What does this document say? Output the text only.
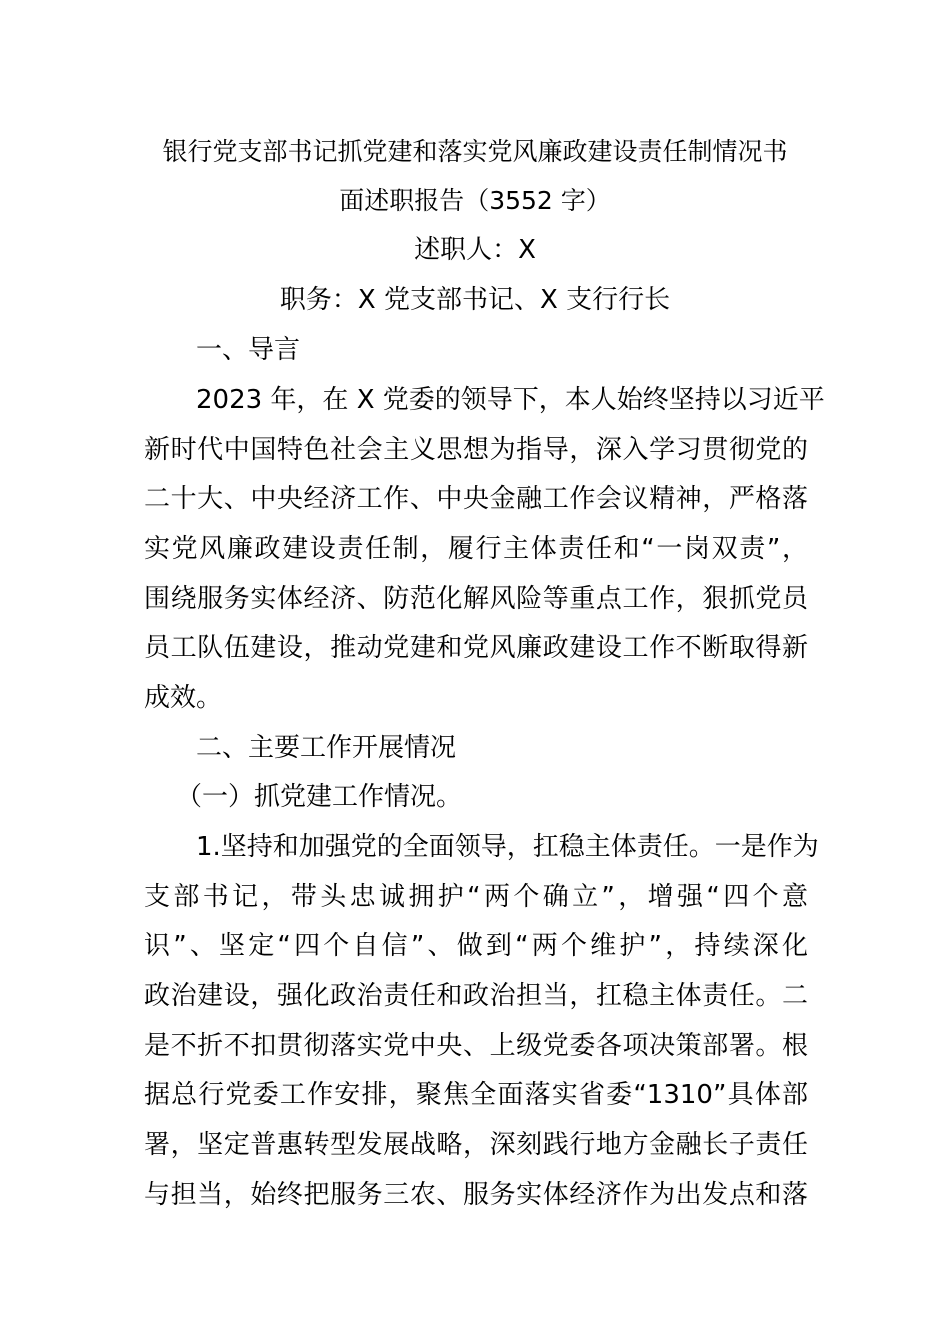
银行党支部书记抓党建和落实党风廉政建设责任制情况书
面述职报告（3552 字）
述职人：X
职务：X 党支部书记、X 支行行长
一、导言
2023 年，在 X 党委的领导下，本人始终坚持以习近平
新时代中国特色社会主义思想为指导，深入学习贯彻党的
二十大、中央经济工作、中央金融工作会议精神，严格落
实党风廉政建设责任制，履行主体责任和“一岗双责”，
围绕服务实体经济、防范化解风险等重点工作，狠抓党员
员工队伍建设，推动党建和党风廉政建设工作不断取得新
成效。
二、主要工作开展情况
（一）抓党建工作情况。
1.坚持和加强党的全面领导，扛稳主体责任。一是作为
支部书记，带头忠诚拥护“两个确立”，增强“四个意
识”、坚定“四个自信”、做到“两个维护”，持续深化
政治建设，强化政治责任和政治担当，扛稳主体责任。二
是不折不扣贯彻落实党中央、上级党委各项决策部署。根
据总行党委工作安排，聚焦全面落实省委“1310”具体部
署，坚定普惠转型发展战略，深刻践行地方金融长子责任
与担当，始终把服务三农、服务实体经济作为出发点和落
